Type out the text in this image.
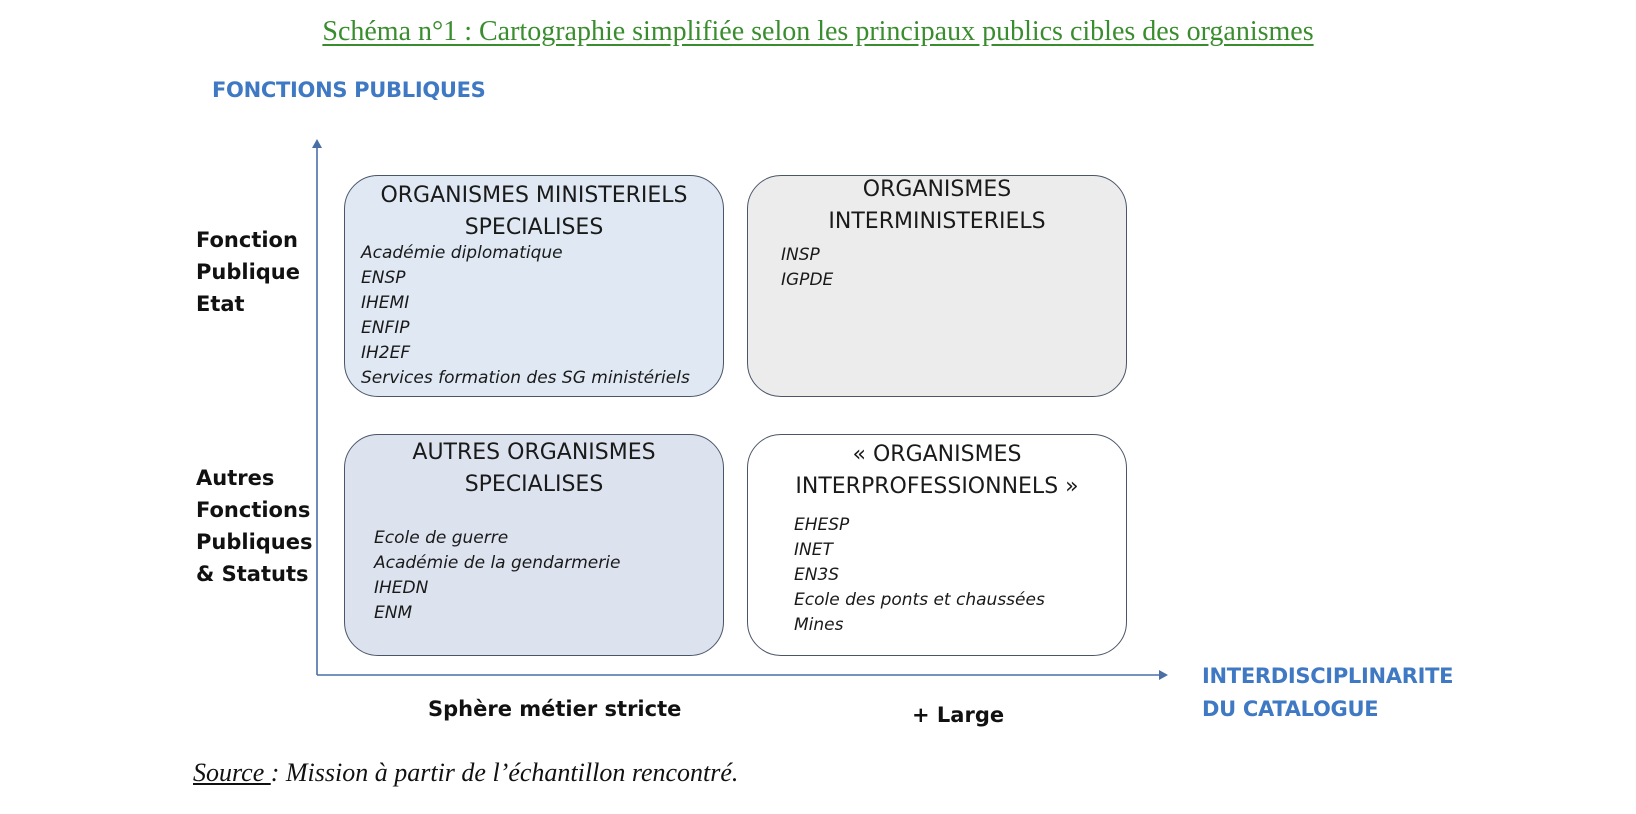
Schéma n°1 : Cartographie simplifiée selon les principaux publics cibles des organismes
FONCTIONS PUBLIQUES
Fonction
Publique
Etat
Autres
Fonctions
Publiques
& Statuts
ORGANISMES MINISTERIELS
SPECIALISES
Académie diplomatique
ENSP
IHEMI
ENFIP
IH2EF
Services formation des SG ministériels
ORGANISMES
INTERMINISTERIELS
INSP
IGPDE
AUTRES ORGANISMES
SPECIALISES
Ecole de guerre
Académie de la gendarmerie
IHEDN
ENM
« ORGANISMES
INTERPROFESSIONNELS »
EHESP
INET
EN3S
Ecole des ponts et chaussées
Mines
Sphère métier stricte	+ Large
INTERDISCIPLINARITE
DU CATALOGUE
Source : Mission à partir de l’échantillon rencontré.
